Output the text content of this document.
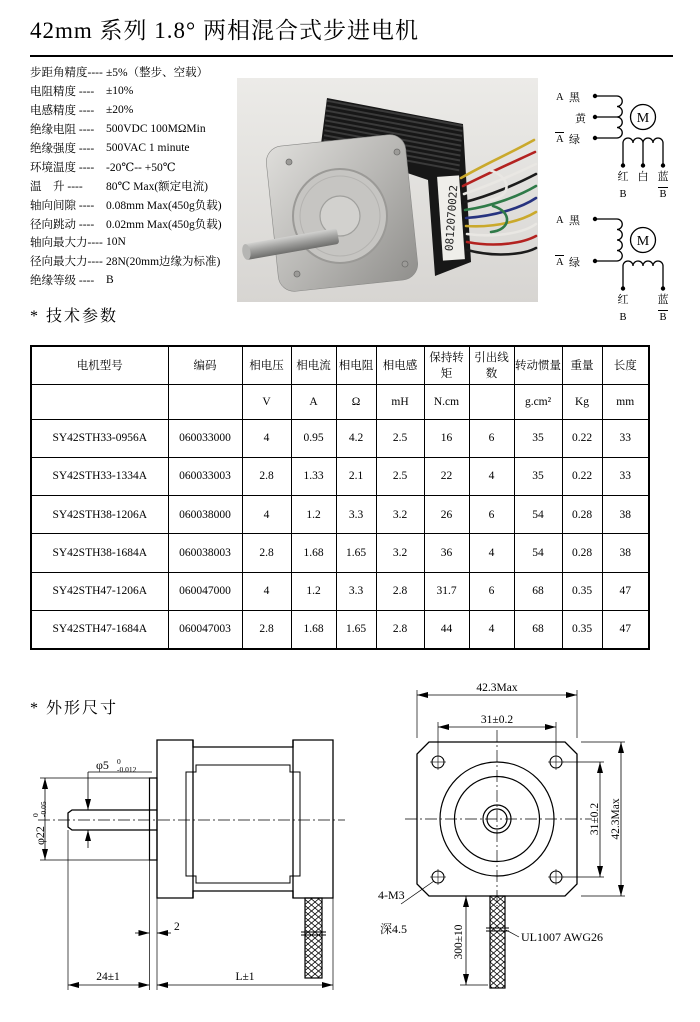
42mm 系列 1.8° 两相混合式步进电机
步距角精度---- ±5%（整步、空载）
电阻精度 ----	±10%
电感精度 ----	±20%
绝缘电阻 ----	500VDC 100MΩMin
绝缘强度 ----	500VAC 1 minute
环境温度 ----	-20℃-- +50℃
温　升 ----	80℃ Max(额定电流)
轴向间隙 ----	0.08mm Max(450g负载)
径向跳动 ----	0.02mm Max(450g负载)
轴向最大力---- 10N
径向最大力---- 28N(20mm边缘为标准)
绝缘等级 ----	B
0812070022
A 黑
黄
A 绿
M
红 白 蓝
B	B
A 黑
A 绿
M
红	蓝
B	B
* 技术参数
电机型号	编码	相电压	相电流	相电阻	相电感	保持转矩	引出线数	转动惯量	重量	长度
		V	A	Ω	mH	N.cm		g.cm²	Kg	mm
SY42STH33-0956A	060033000	4	0.95	4.2	2.5	16	6	35	0.22	33
SY42STH33-1334A	060033003	2.8	1.33	2.1	2.5	22	4	35	0.22	33
SY42STH38-1206A	060038000	4	1.2	3.3	3.2	26	6	54	0.28	38
SY42STH38-1684A	060038003	2.8	1.68	1.65	3.2	36	4	54	0.28	38
SY42STH47-1206A	060047000	4	1.2	3.3	2.8	31.7	6	68	0.35	47
SY42STH47-1684A	060047003	2.8	1.68	1.65	2.8	44	4	68	0.35	47
* 外形尺寸
φ5 0
-0.012
φ22
0 -0.05
2
24±1	L±1
42.3Max
31±0.2
31±0.2 42.3Max
4-M3
深4.5	300±10	UL1007 AWG26
